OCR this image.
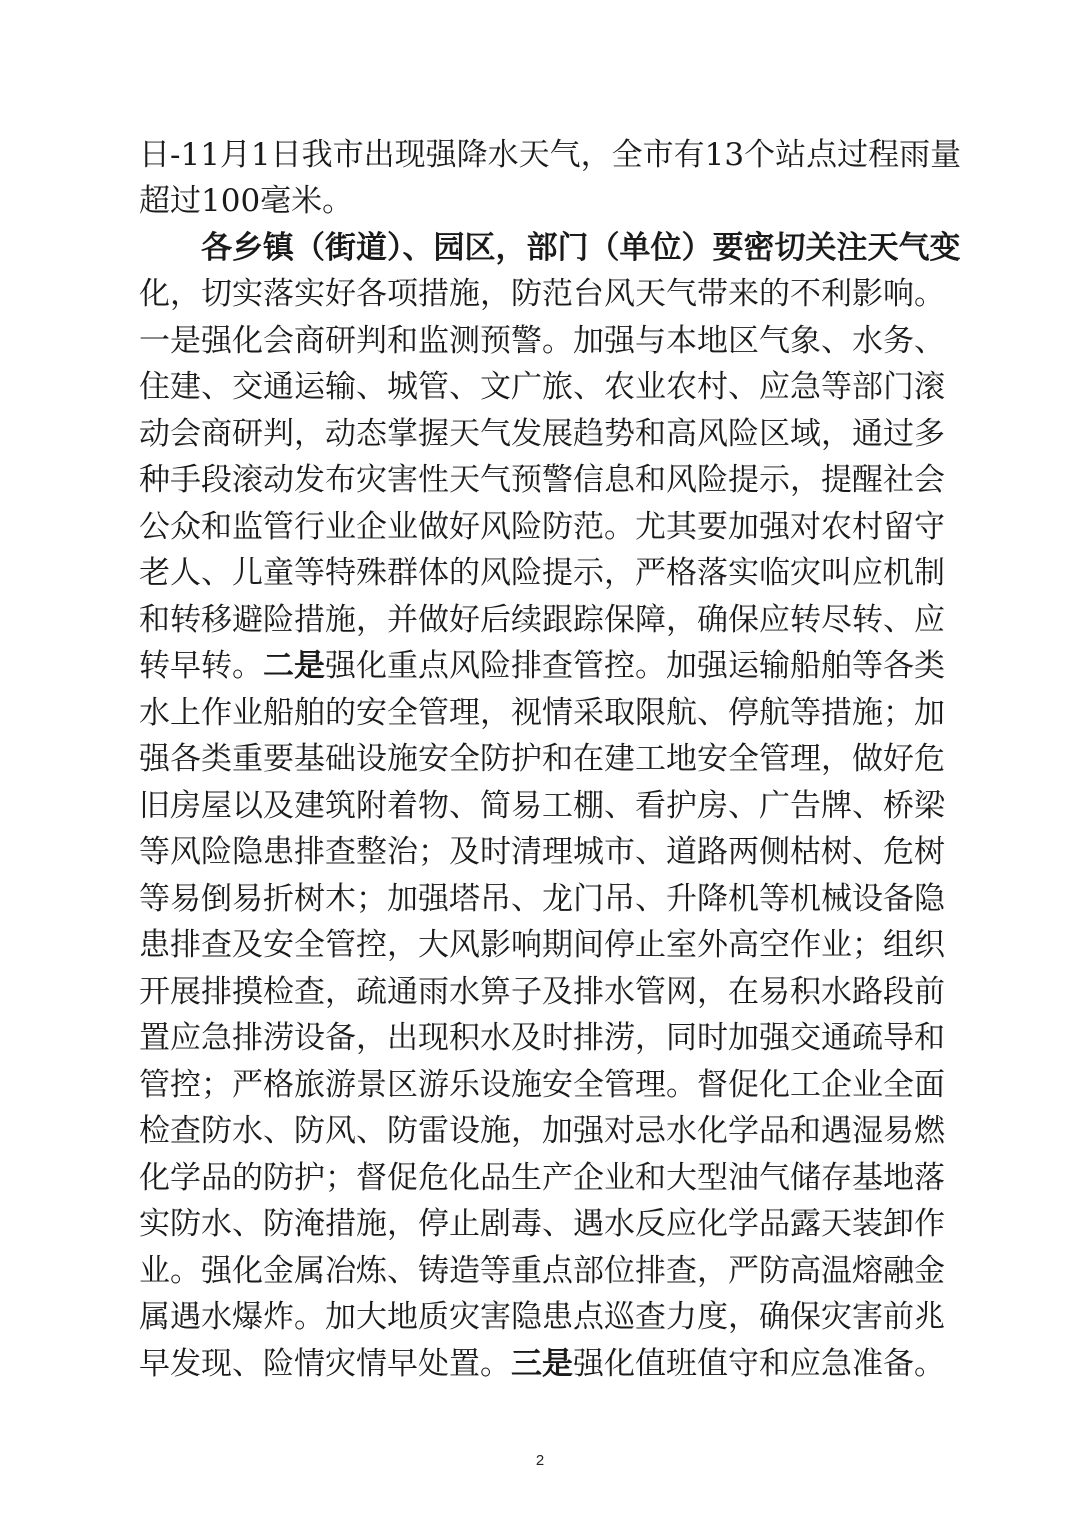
日-11月1日我市出现强降水天气，全市有13个站点过程雨量
超过100毫米。
各乡镇（街道）、园区，部门（单位）要密切关注天气变
化，切实落实好各项措施，防范台风天气带来的不利影响。
一是强化会商研判和监测预警。加强与本地区气象、水务、
住建、交通运输、城管、文广旅、农业农村、应急等部门滚
动会商研判，动态掌握天气发展趋势和高风险区域，通过多
种手段滚动发布灾害性天气预警信息和风险提示，提醒社会
公众和监管行业企业做好风险防范。尤其要加强对农村留守
老人、儿童等特殊群体的风险提示，严格落实临灾叫应机制
和转移避险措施，并做好后续跟踪保障，确保应转尽转、应
转早转。二是强化重点风险排查管控。加强运输船舶等各类
水上作业船舶的安全管理，视情采取限航、停航等措施；加
强各类重要基础设施安全防护和在建工地安全管理，做好危
旧房屋以及建筑附着物、简易工棚、看护房、广告牌、桥梁
等风险隐患排查整治；及时清理城市、道路两侧枯树、危树
等易倒易折树木；加强塔吊、龙门吊、升降机等机械设备隐
患排查及安全管控，大风影响期间停止室外高空作业；组织
开展排摸检查，疏通雨水箅子及排水管网，在易积水路段前
置应急排涝设备，出现积水及时排涝，同时加强交通疏导和
管控；严格旅游景区游乐设施安全管理。督促化工企业全面
检查防水、防风、防雷设施，加强对忌水化学品和遇湿易燃
化学品的防护；督促危化品生产企业和大型油气储存基地落
实防水、防淹措施，停止剧毒、遇水反应化学品露天装卸作
业。强化金属冶炼、铸造等重点部位排查，严防高温熔融金
属遇水爆炸。加大地质灾害隐患点巡查力度，确保灾害前兆
早发现、险情灾情早处置。三是强化值班值守和应急准备。
2
